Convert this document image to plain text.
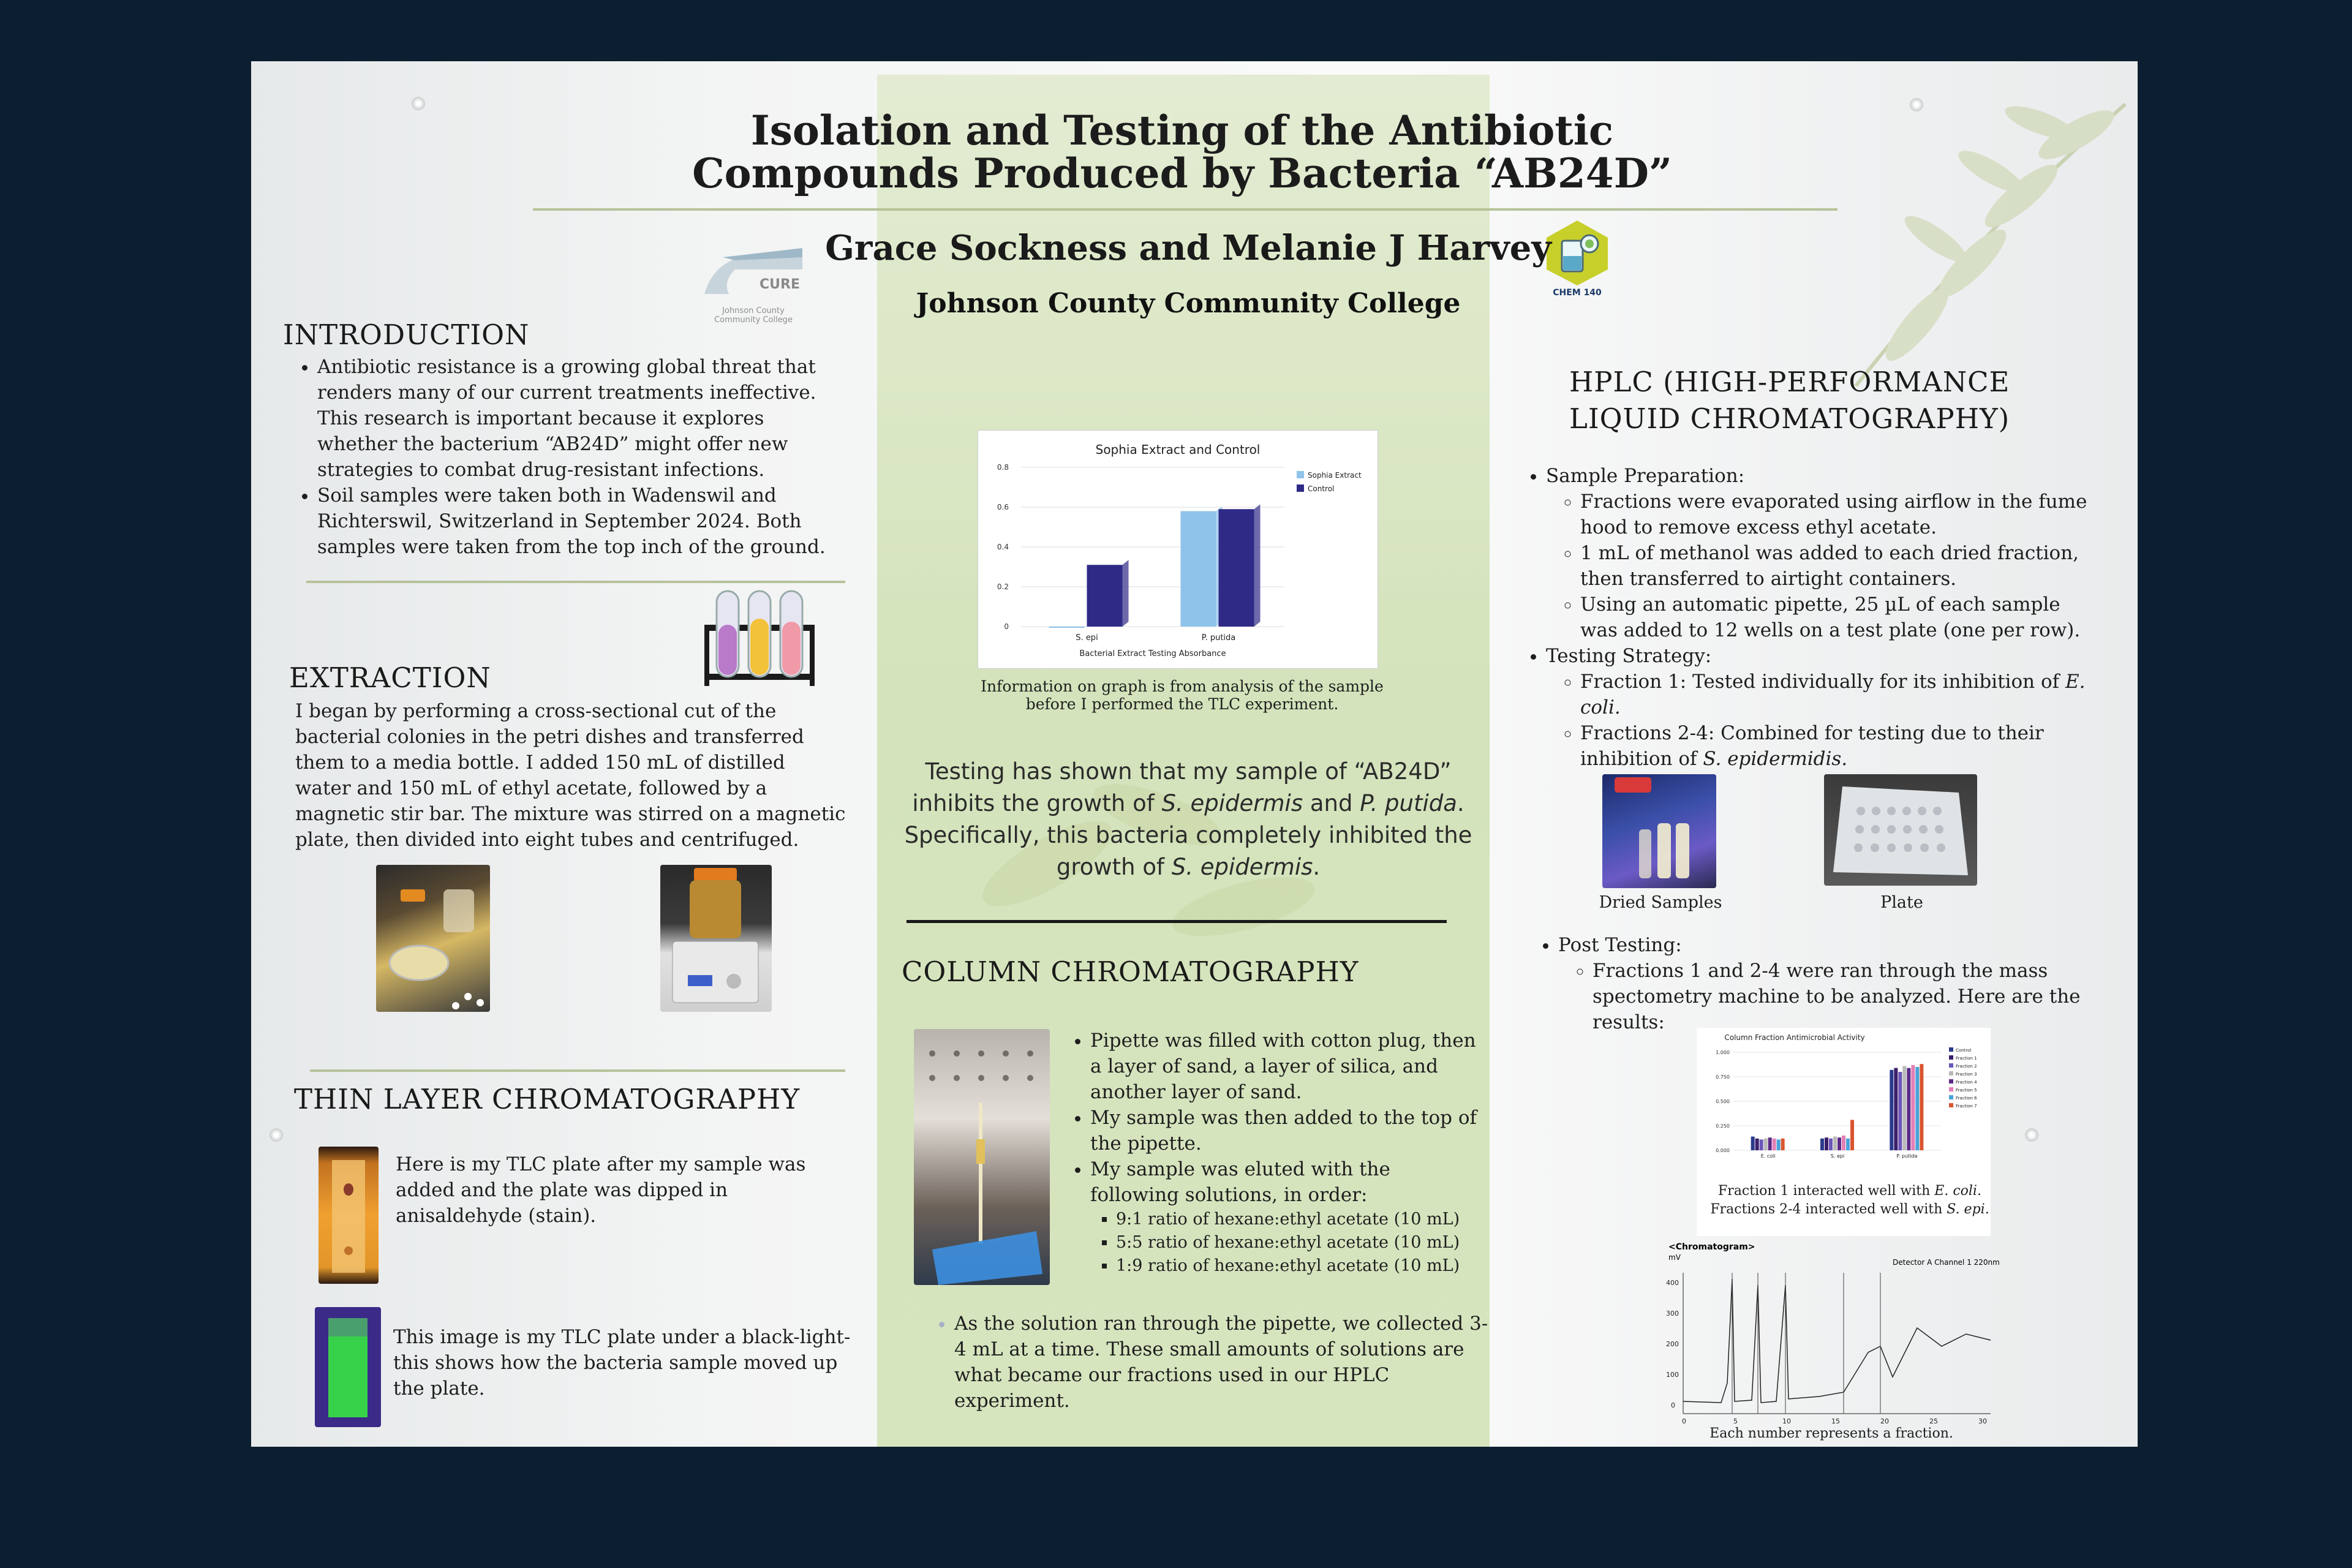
Isolation and Testing of the Antibiotic
Compounds Produced by Bacteria “AB24D”
CURE
Johnson County Community College
CHEM 140
Grace Sockness and Melanie J Harvey
Johnson County Community College
INTRODUCTION
• Antibiotic resistance is a growing global threat that renders many of our current treatments ineffective. This research is important because it explores whether the bacterium “AB24D” might offer new strategies to combat drug-resistant infections.
• Soil samples were taken both in Wadenswil and Richterswil, Switzerland in September 2024. Both samples were taken from the top inch of the ground.
EXTRACTION
I began by performing a cross-sectional cut of the bacterial colonies in the petri dishes and transferred them to a media bottle. I added 150 mL of distilled water and 150 mL of ethyl acetate, followed by a magnetic stir bar. The mixture was stirred on a magnetic plate, then divided into eight tubes and centrifuged.
THIN LAYER CHROMATOGRAPHY
Here is my TLC plate after my sample was added and the plate was dipped in anisaldehyde (stain).
This image is my TLC plate under a black-light- this shows how the bacteria sample moved up the plate.
Sophia Extract and Control
0
0.2
0.4
0.6
0.8
S. epi	P. putida
Bacterial Extract Testing Absorbance
Sophia Extract
Control
Information on graph is from analysis of the sample before I performed the TLC experiment.
Testing has shown that my sample of “AB24D”
inhibits the growth of S. epidermis and P. putida.
Specifically, this bacteria completely inhibited the
growth of S. epidermis.
COLUMN CHROMATOGRAPHY
• Pipette was filled with cotton plug, then a layer of sand, a layer of silica, and another layer of sand.
• My sample was then added to the top of the pipette.
• My sample was eluted with the following solutions, in order:
▪ 9:1 ratio of hexane:ethyl acetate (10 mL)
▪ 5:5 ratio of hexane:ethyl acetate (10 mL)
▪ 1:9 ratio of hexane:ethyl acetate (10 mL)
• As the solution ran through the pipette, we collected 3-4 mL at a time. These small amounts of solutions are what became our fractions used in our HPLC experiment.
HPLC (HIGH-PERFORMANCE
LIQUID CHROMATOGRAPHY)
• Sample Preparation:
◦ Fractions were evaporated using airflow in the fume hood to remove excess ethyl acetate.
◦ 1 mL of methanol was added to each dried fraction, then transferred to airtight containers.
◦ Using an automatic pipette, 25 µL of each sample was added to 12 wells on a test plate (one per row).
• Testing Strategy:
◦ Fraction 1: Tested individually for its inhibition of E. coli.
◦ Fractions 2-4: Combined for testing due to their inhibition of S. epidermidis.
Dried Samples	Plate
• Post Testing:
◦ Fractions 1 and 2-4 were ran through the mass spectometry machine to be analyzed. Here are the results:
Column Fraction Antimicrobial Activity
0.000
0.250
0.500
0.750
1.000
E. coli	S. epi	P. putida
Control
Fraction 1
Fraction 2
Fraction 3
Fraction 4
Fraction 5
Fraction 6
Fraction 7
Fraction 1 interacted well with E. coli.
Fractions 2-4 interacted well with S. epi.
<Chromatogram>
mV
Detector A Channel 1 220nm
400
300
200
100
0
0	5	10	15	20	25	30
Each number represents a fraction.
